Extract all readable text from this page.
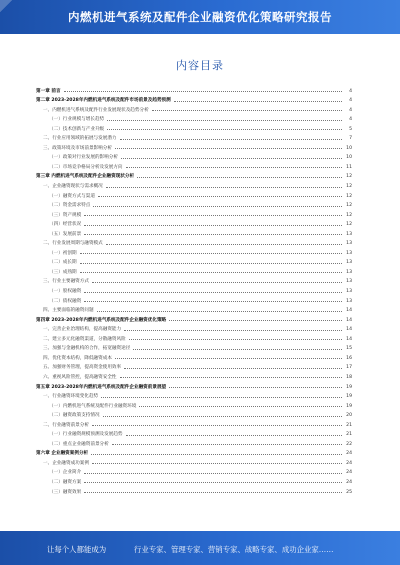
内燃机进气系统及配件企业融资优化策略研究报告
内容目录
第一章 前言	4
第二章 2023-2028年内燃机进气系统及配件市场前景及趋势预测	4
一、内燃机进气系统及配件行业发展现状及趋势分析	4
（一）行业规模与增长趋势	4
（二）技术创新与产业升级	5
二、行业应用领域的拓展与发展潜力	7
三、政策环境及市场前景影响分析	10
（一）政策对行业发展的影响分析	10
（二）市场竞争格局分析及发展方向	11
第三章 内燃机进气系统及配件企业融资现状分析	12
一、企业融资现状与需求概况	12
（一）融资方式与渠道	12
（二）资金需求特点	12
（三）资产规模	12
（四）经营状况	12
（五）发展前景	13
二、行业发展周期与融资模式	13
（一）初创期	13
（二）成长期	13
（三）成熟期	13
三、行业主要融资方式	13
（一）股权融资	13
（二）债权融资	13
四、主要面临的融资问题	14
第四章 2023-2028年内燃机进气系统及配件企业融资优化策略	14
一、完善企业治理结构，提高融资能力	14
二、建立多元化融资渠道，分散融资风险	14
三、加强与金融机构的合作，拓宽融资途径	15
四、优化资本结构，降低融资成本	16
五、加强财务管理，提高资金使用效率	17
六、重视风险管控，提高融资安全性	18
第五章 2023-2028年内燃机进气系统及配件企业融资前景展望	19
一、行业融资环境变化趋势	19
（一）内燃机进气系统及配件行业融资环境	19
（二）融资政策支持情况	20
二、行业融资前景分析	21
（一）行业融资规模预测及发展趋势	21
（二）重点企业融资前景分析	22
第六章 企业融资案例分析	24
一、企业融资成功案例	24
（一）企业简介	24
（二）融资方案	24
（三）融资效果	25
让每个人都能成为	行业专家、管理专家、营销专家、战略专家、成功企业家……
